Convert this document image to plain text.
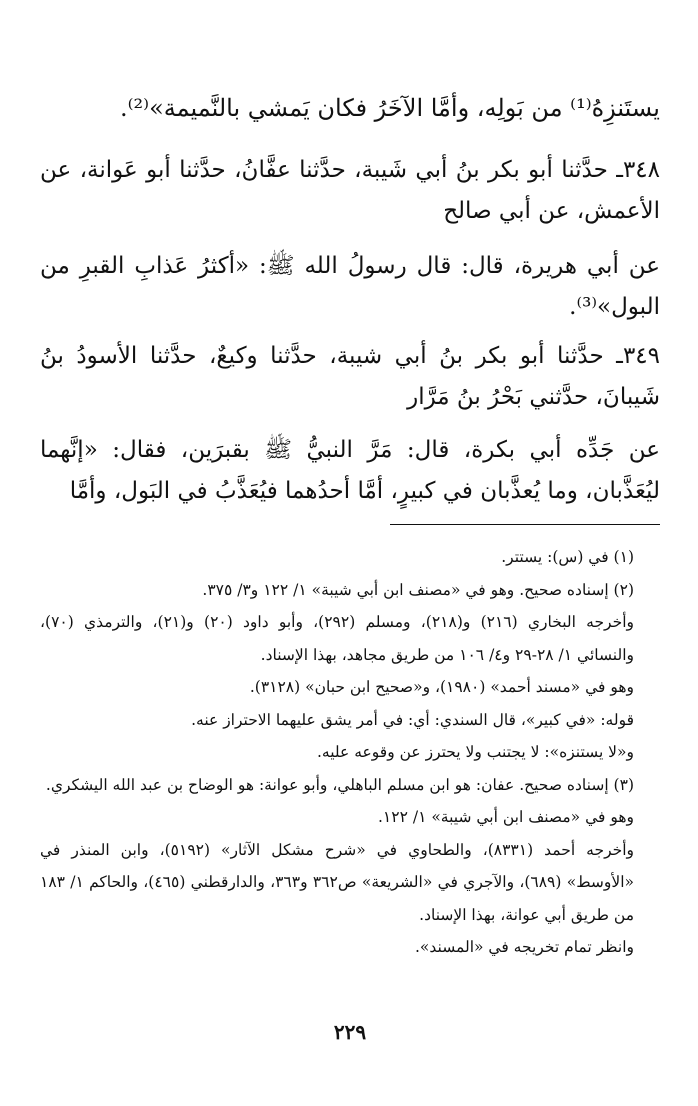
يستَنزِهُ⁽¹⁾ من بَولِه، وأمَّا الآخَرُ فكان يَمشي بالنَّميمة»⁽²⁾.

٣٤٨ـ حدَّثنا أبو بكر بنُ أبي شَيبة، حدَّثنا عفَّانُ، حدَّثنا أبو عَوانة، عن الأعمش، عن أبي صالح

عن أبي هريرة، قال: قال رسولُ الله ﷺ: «أكثرُ عَذابِ القبرِ من البول»⁽³⁾.

٣٤٩ـ حدَّثنا أبو بكر بنُ أبي شيبة، حدَّثنا وكيعٌ، حدَّثنا الأسودُ بنُ شَيبانَ، حدَّثني بَحْرُ بنُ مَرَّار

عن جَدِّه أبي بكرة، قال: مَرَّ النبيُّ ﷺ بقبرَين، فقال: «إنَّهما ليُعَذَّبان، وما يُعذَّبان في كبيرٍ، أمَّا أحدُهما فيُعَذَّبُ في البَول، وأمَّا

(١) في (س): يستتر.

(٢) إسناده صحيح. وهو في «مصنف ابن أبي شيبة» ١/ ١٢٢ و٣/ ٣٧٥.

وأخرجه البخاري (٢١٦) و(٢١٨)، ومسلم (٢٩٢)، وأبو داود (٢٠) و(٢١)، والترمذي (٧٠)، والنسائي ١/ ٢٨-٢٩ و٤/ ١٠٦ من طريق مجاهد، بهذا الإسناد.

وهو في «مسند أحمد» (١٩٨٠)، و«صحيح ابن حبان» (٣١٢٨).

قوله: «في كبير»، قال السندي: أي: في أمر يشق عليهما الاحتراز عنه.

و«لا يستنزه»: لا يجتنب ولا يحترز عن وقوعه عليه.

(٣) إسناده صحيح. عفان: هو ابن مسلم الباهلي، وأبو عوانة: هو الوضاح بن عبد الله اليشكري.

وهو في «مصنف ابن أبي شيبة» ١/ ١٢٢.

وأخرجه أحمد (٨٣٣١)، والطحاوي في «شرح مشكل الآثار» (٥١٩٢)، وابن المنذر في «الأوسط» (٦٨٩)، والآجري في «الشريعة» ص٣٦٢ و٣٦٣، والدارقطني (٤٦٥)، والحاكم ١/ ١٨٣ من طريق أبي عوانة، بهذا الإسناد.

وانظر تمام تخريجه في «المسند».

٢٢٩
